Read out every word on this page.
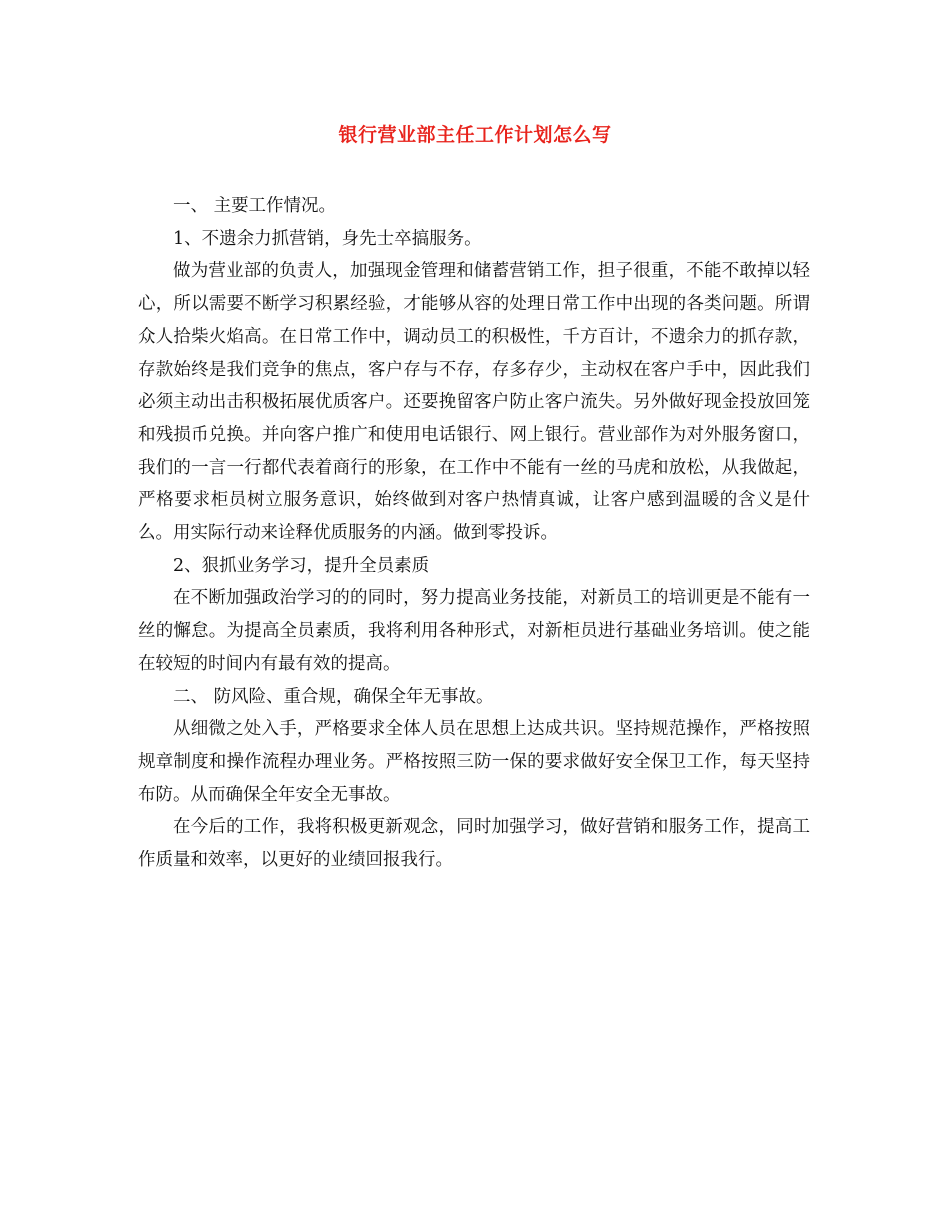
银行营业部主任工作计划怎么写

一、 主要工作情况。

1、不遗余力抓营销，身先士卒搞服务。

做为营业部的负责人，加强现金管理和储蓄营销工作，担子很重，不能不敢掉以轻心，所以需要不断学习积累经验，才能够从容的处理日常工作中出现的各类问题。所谓众人拾柴火焰高。在日常工作中，调动员工的积极性，千方百计，不遗余力的抓存款，存款始终是我们竞争的焦点，客户存与不存，存多存少，主动权在客户手中，因此我们必须主动出击积极拓展优质客户。还要挽留客户防止客户流失。另外做好现金投放回笼和残损币兑换。并向客户推广和使用电话银行、网上银行。营业部作为对外服务窗口，我们的一言一行都代表着商行的形象，在工作中不能有一丝的马虎和放松，从我做起，严格要求柜员树立服务意识，始终做到对客户热情真诚，让客户感到温暖的含义是什么。用实际行动来诠释优质服务的内涵。做到零投诉。

2、狠抓业务学习，提升全员素质

在不断加强政治学习的的同时，努力提高业务技能，对新员工的培训更是不能有一丝的懈怠。为提高全员素质，我将利用各种形式，对新柜员进行基础业务培训。使之能在较短的时间内有最有效的提高。

二、 防风险、重合规，确保全年无事故。

从细微之处入手，严格要求全体人员在思想上达成共识。坚持规范操作，严格按照规章制度和操作流程办理业务。严格按照三防一保的要求做好安全保卫工作，每天坚持布防。从而确保全年安全无事故。

在今后的工作，我将积极更新观念，同时加强学习，做好营销和服务工作，提高工作质量和效率，以更好的业绩回报我行。
